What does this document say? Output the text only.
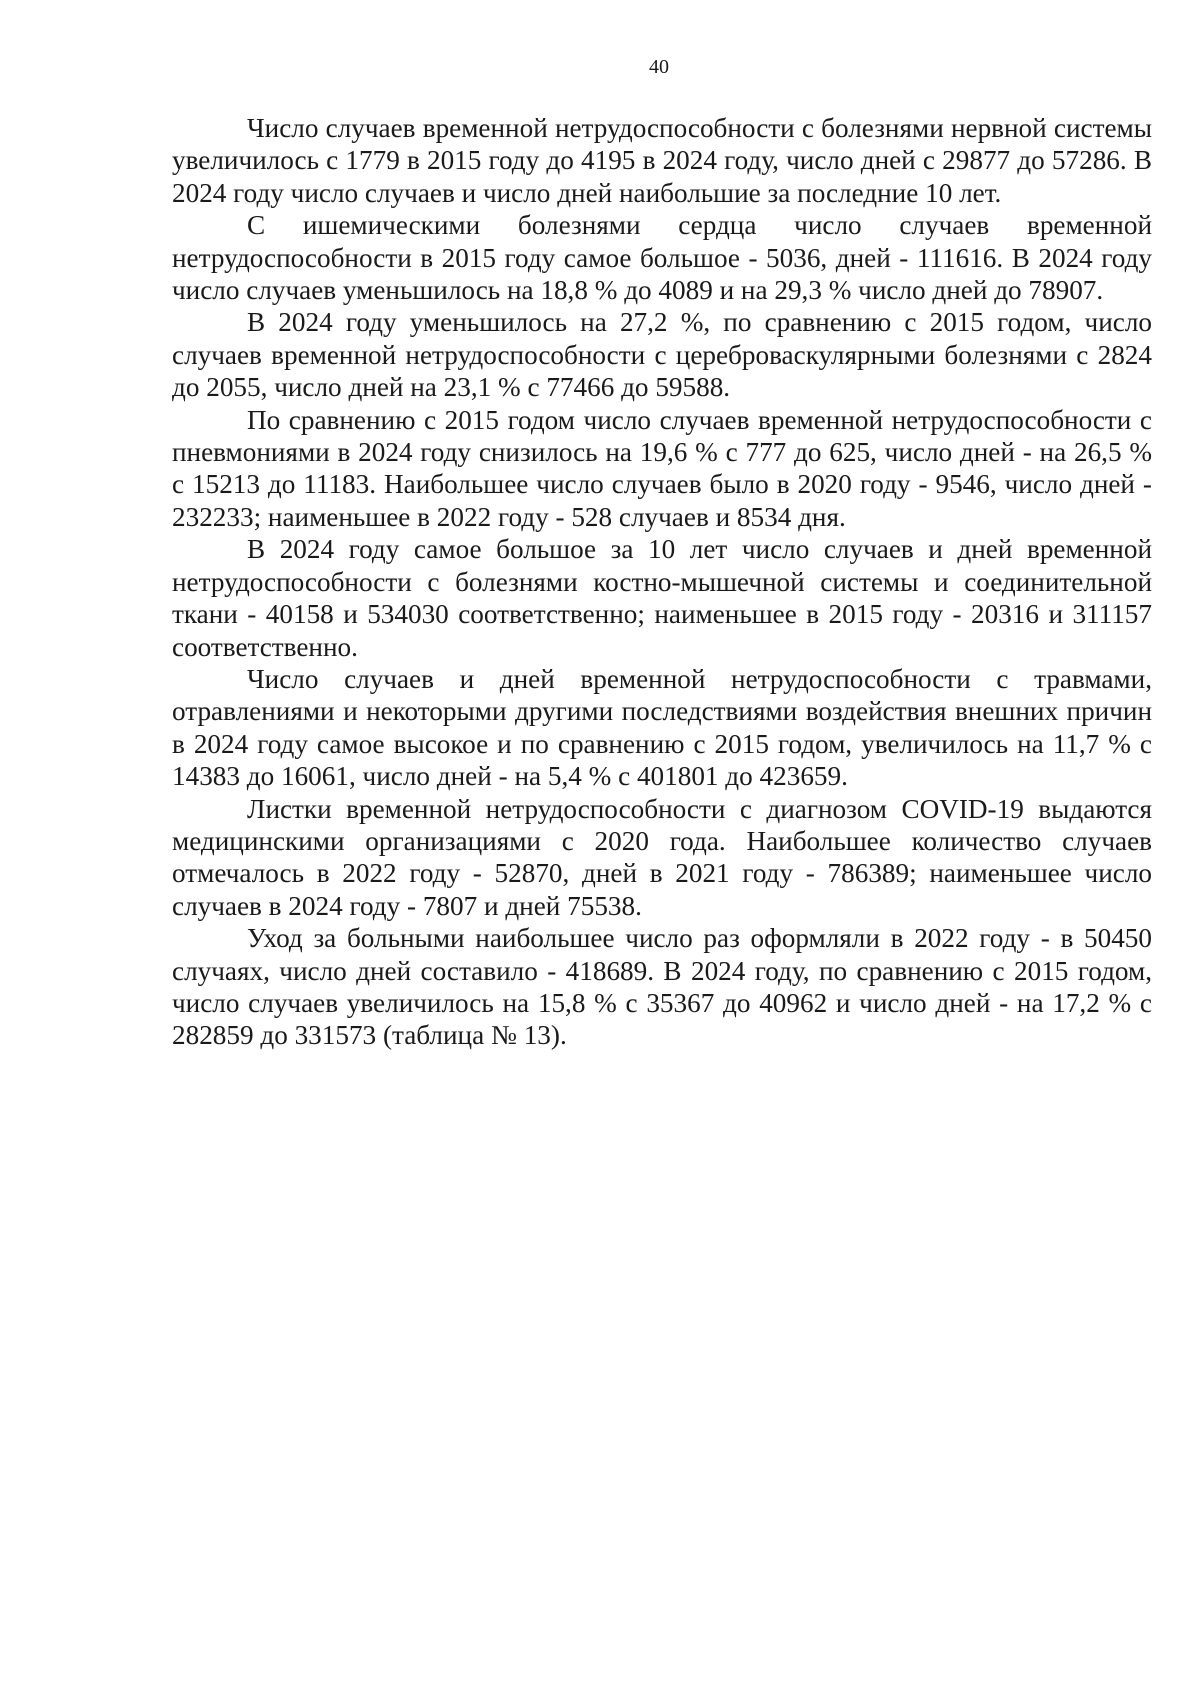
40

Число случаев временной нетрудоспособности с болезнями нервной системы увеличилось с 1779 в 2015 году до 4195 в 2024 году, число дней с 29877 до 57286. В 2024 году число случаев и число дней наибольшие за последние 10 лет.

С ишемическими болезнями сердца число случаев временной нетрудоспособности в 2015 году самое большое - 5036, дней - 111616. В 2024 году число случаев уменьшилось на 18,8 % до 4089 и на 29,3 % число дней до 78907.

В 2024 году уменьшилось на 27,2 %, по сравнению с 2015 годом, число случаев временной нетрудоспособности с цереброваскулярными болезнями с 2824 до 2055, число дней на 23,1 % с 77466 до 59588.

По сравнению с 2015 годом число случаев временной нетрудоспособности с пневмониями в 2024 году снизилось на 19,6 % с 777 до 625, число дней - на 26,5 % с 15213 до 11183. Наибольшее число случаев было в 2020 году - 9546, число дней - 232233; наименьшее в 2022 году - 528 случаев и 8534 дня.

В 2024 году самое большое за 10 лет число случаев и дней временной нетрудоспособности с болезнями костно-мышечной системы и соединительной ткани - 40158 и 534030 соответственно; наименьшее в 2015 году - 20316 и 311157 соответственно.

Число случаев и дней временной нетрудоспособности с травмами, отравлениями и некоторыми другими последствиями воздействия внешних причин в 2024 году самое высокое и по сравнению с 2015 годом, увеличилось на 11,7 % с 14383 до 16061, число дней - на 5,4 % с 401801 до 423659.

Листки временной нетрудоспособности с диагнозом COVID-19 выдаются медицинскими организациями с 2020 года. Наибольшее количество случаев отмечалось в 2022 году - 52870, дней в 2021 году - 786389; наименьшее число случаев в 2024 году - 7807 и дней 75538.

Уход за больными наибольшее число раз оформляли в 2022 году - в 50450 случаях, число дней составило - 418689. В 2024 году, по сравнению с 2015 годом, число случаев увеличилось на 15,8 % с 35367 до 40962 и число дней - на 17,2 % с 282859 до 331573 (таблица № 13).
